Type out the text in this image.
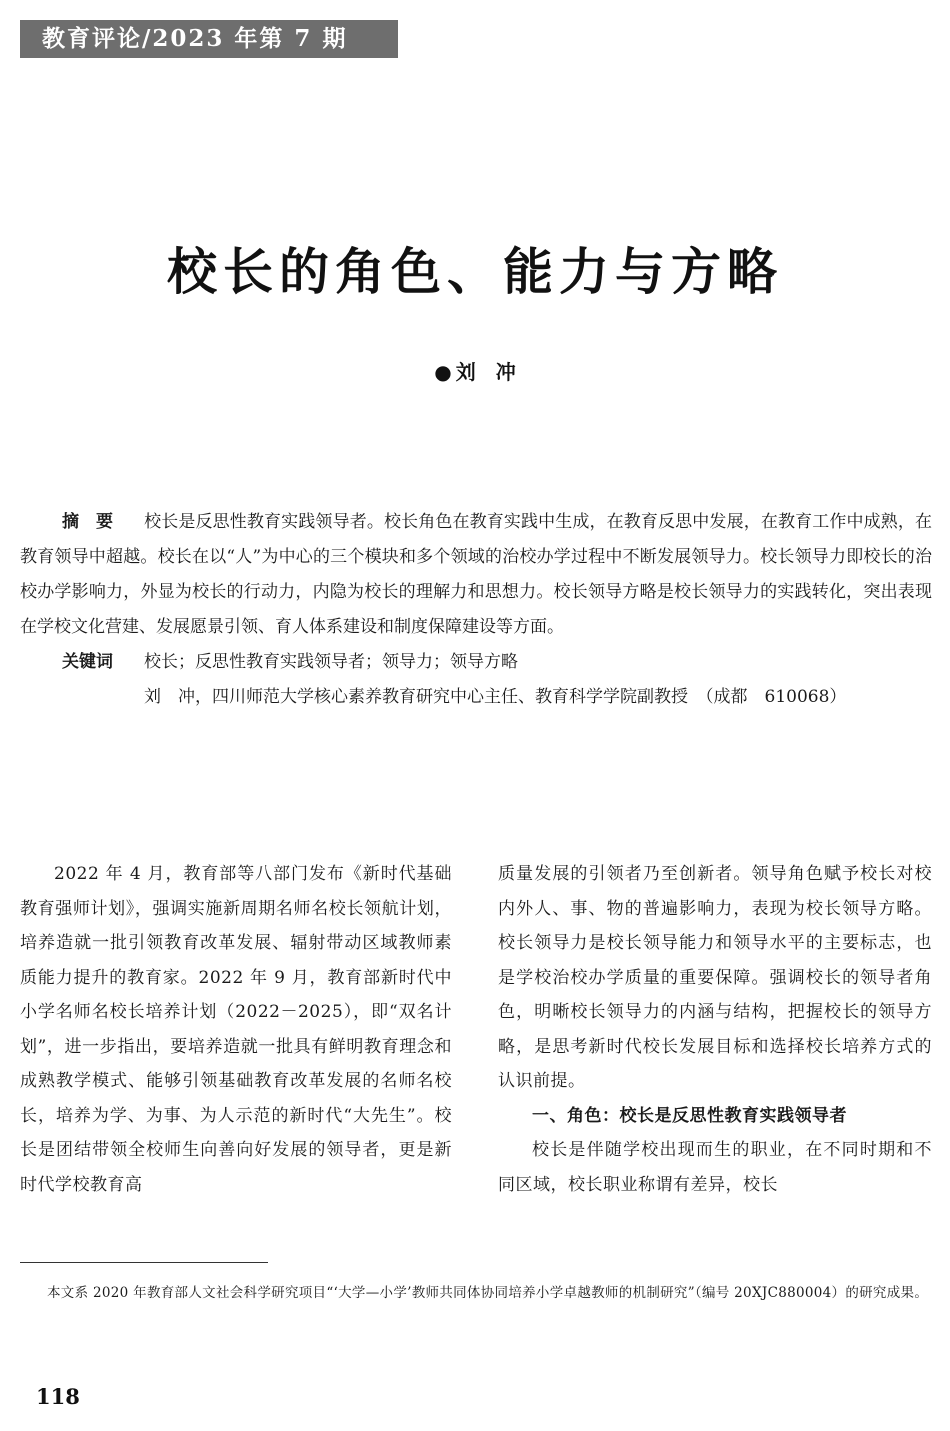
教育评论/2023 年第 7 期
校长的角色、能力与方略
● 刘　冲
摘　要 校长是反思性教育实践领导者。校长角色在教育实践中生成，在教育反思中发展，在教育工作中成熟，在教育领导中超越。校长在以“人”为中心的三个模块和多个领域的治校办学过程中不断发展领导力。校长领导力即校长的治校办学影响力，外显为校长的行动力，内隐为校长的理解力和思想力。校长领导方略是校长领导力的实践转化，突出表现在学校文化营建、发展愿景引领、育人体系建设和制度保障建设等方面。
关键词 校长；反思性教育实践领导者；领导力；领导方略
刘　冲，四川师范大学核心素养教育研究中心主任、教育科学学院副教授　（成都　610068）

2022 年 4 月，教育部等八部门发布《新时代基础教育强师计划》，强调实施新周期名师名校长领航计划，培养造就一批引领教育改革发展、辐射带动区域教师素质能力提升的教育家。2022 年 9 月，教育部新时代中小学名师名校长培养计划（2022－2025），即“双名计划”，进一步指出，要培养造就一批具有鲜明教育理念和成熟教学模式、能够引领基础教育改革发展的名师名校长，培养为学、为事、为人示范的新时代“大先生”。校长是团结带领全校师生向善向好发展的领导者，更是新时代学校教育高

质量发展的引领者乃至创新者。领导角色赋予校长对校内外人、事、物的普遍影响力，表现为校长领导方略。校长领导力是校长领导能力和领导水平的主要标志，也是学校治校办学质量的重要保障。强调校长的领导者角色，明晰校长领导力的内涵与结构，把握校长的领导方略，是思考新时代校长发展目标和选择校长培养方式的认识前提。

一、角色：校长是反思性教育实践领导者

校长是伴随学校出现而生的职业，在不同时期和不同区域，校长职业称谓有差异，校长

本文系 2020 年教育部人文社会科学研究项目“‘大学—小学’教师共同体协同培养小学卓越教师的机制研究”（编号 20XJC880004）的研究成果。
118
